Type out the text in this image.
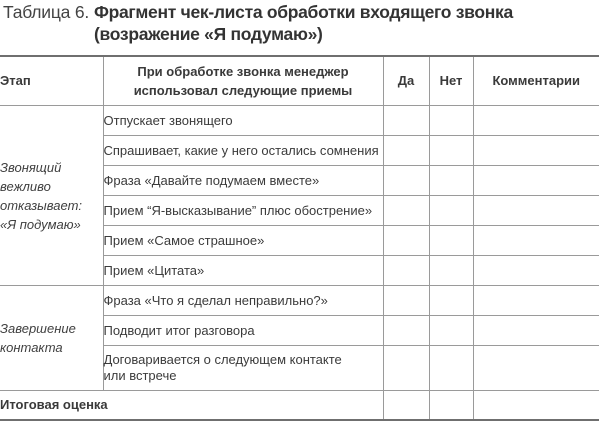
Таблица 6. Фрагмент чек-листа обработки входящего звонка
(возражение «Я подумаю»)
Этап	При обработке звонка менеджер
использовал следующие приемы	Да	Нет	Комментарии

Звонящий
вежливо
отказывает:
«Я подумаю»	Отпускает звонящего			
	Спрашивает, какие у него остались сомнения			
	Фраза «Давайте подумаем вместе»			
	Прием “Я-высказывание” плюс обострение»			
	Прием «Самое страшное»			
	Прием «Цитата»			

Завершение
контакта	Фраза «Что я сделал неправильно?»			
	Подводит итог разговора			

	Договаривается о следующем контакте
или встрече			

Итоговая оценка				
